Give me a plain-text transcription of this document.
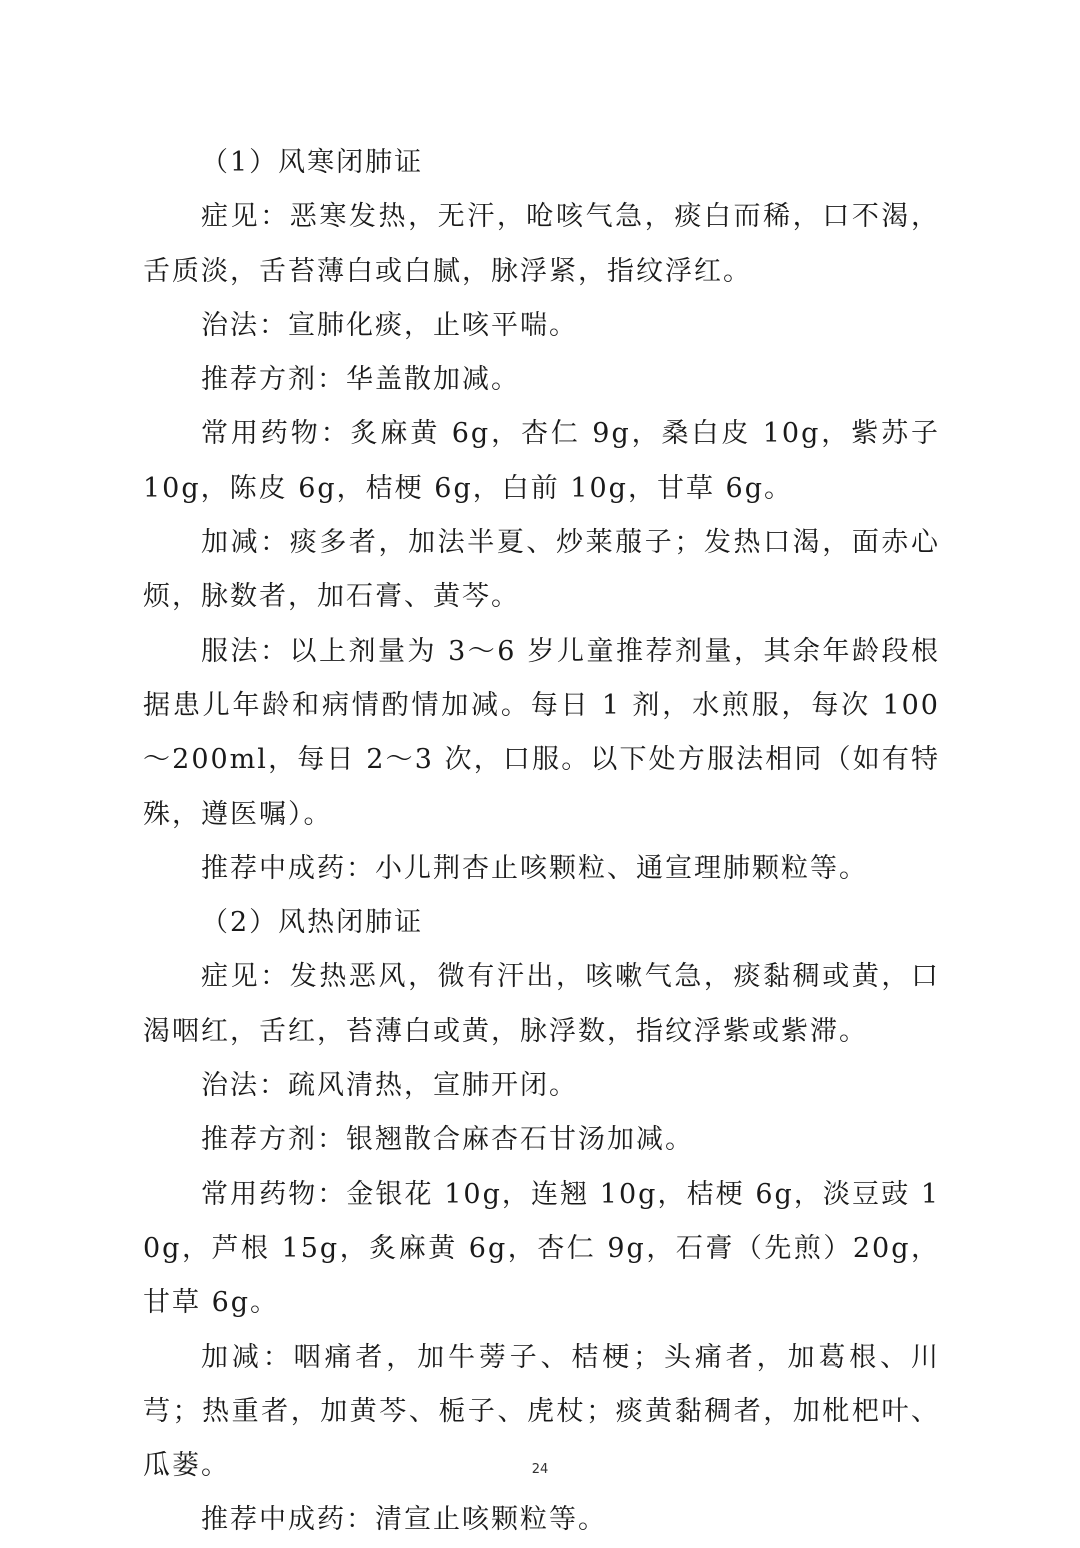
（1）风寒闭肺证

症见：恶寒发热，无汗，呛咳气急，痰白而稀，口不渴，舌质淡，舌苔薄白或白腻，脉浮紧，指纹浮红。

治法：宣肺化痰，止咳平喘。

推荐方剂：华盖散加减。

常用药物：炙麻黄 6g，杏仁 9g，桑白皮 10g，紫苏子 10g，陈皮 6g，桔梗 6g，白前 10g，甘草 6g。

加减：痰多者，加法半夏、炒莱菔子；发热口渴，面赤心烦，脉数者，加石膏、黄芩。

服法：以上剂量为 3～6 岁儿童推荐剂量，其余年龄段根据患儿年龄和病情酌情加减。每日 1 剂，水煎服，每次 100～200ml，每日 2～3 次，口服。以下处方服法相同（如有特殊，遵医嘱）。

推荐中成药：小儿荆杏止咳颗粒、通宣理肺颗粒等。

（2）风热闭肺证

症见：发热恶风，微有汗出，咳嗽气急，痰黏稠或黄，口渴咽红，舌红，苔薄白或黄，脉浮数，指纹浮紫或紫滞。

治法：疏风清热，宣肺开闭。

推荐方剂：银翘散合麻杏石甘汤加减。

常用药物：金银花 10g，连翘 10g，桔梗 6g，淡豆豉 10g，芦根 15g，炙麻黄 6g，杏仁 9g，石膏（先煎）20g，甘草 6g。

加减：咽痛者，加牛蒡子、桔梗；头痛者，加葛根、川芎；热重者，加黄芩、栀子、虎杖；痰黄黏稠者，加枇杷叶、瓜蒌。

推荐中成药：清宣止咳颗粒等。

24
